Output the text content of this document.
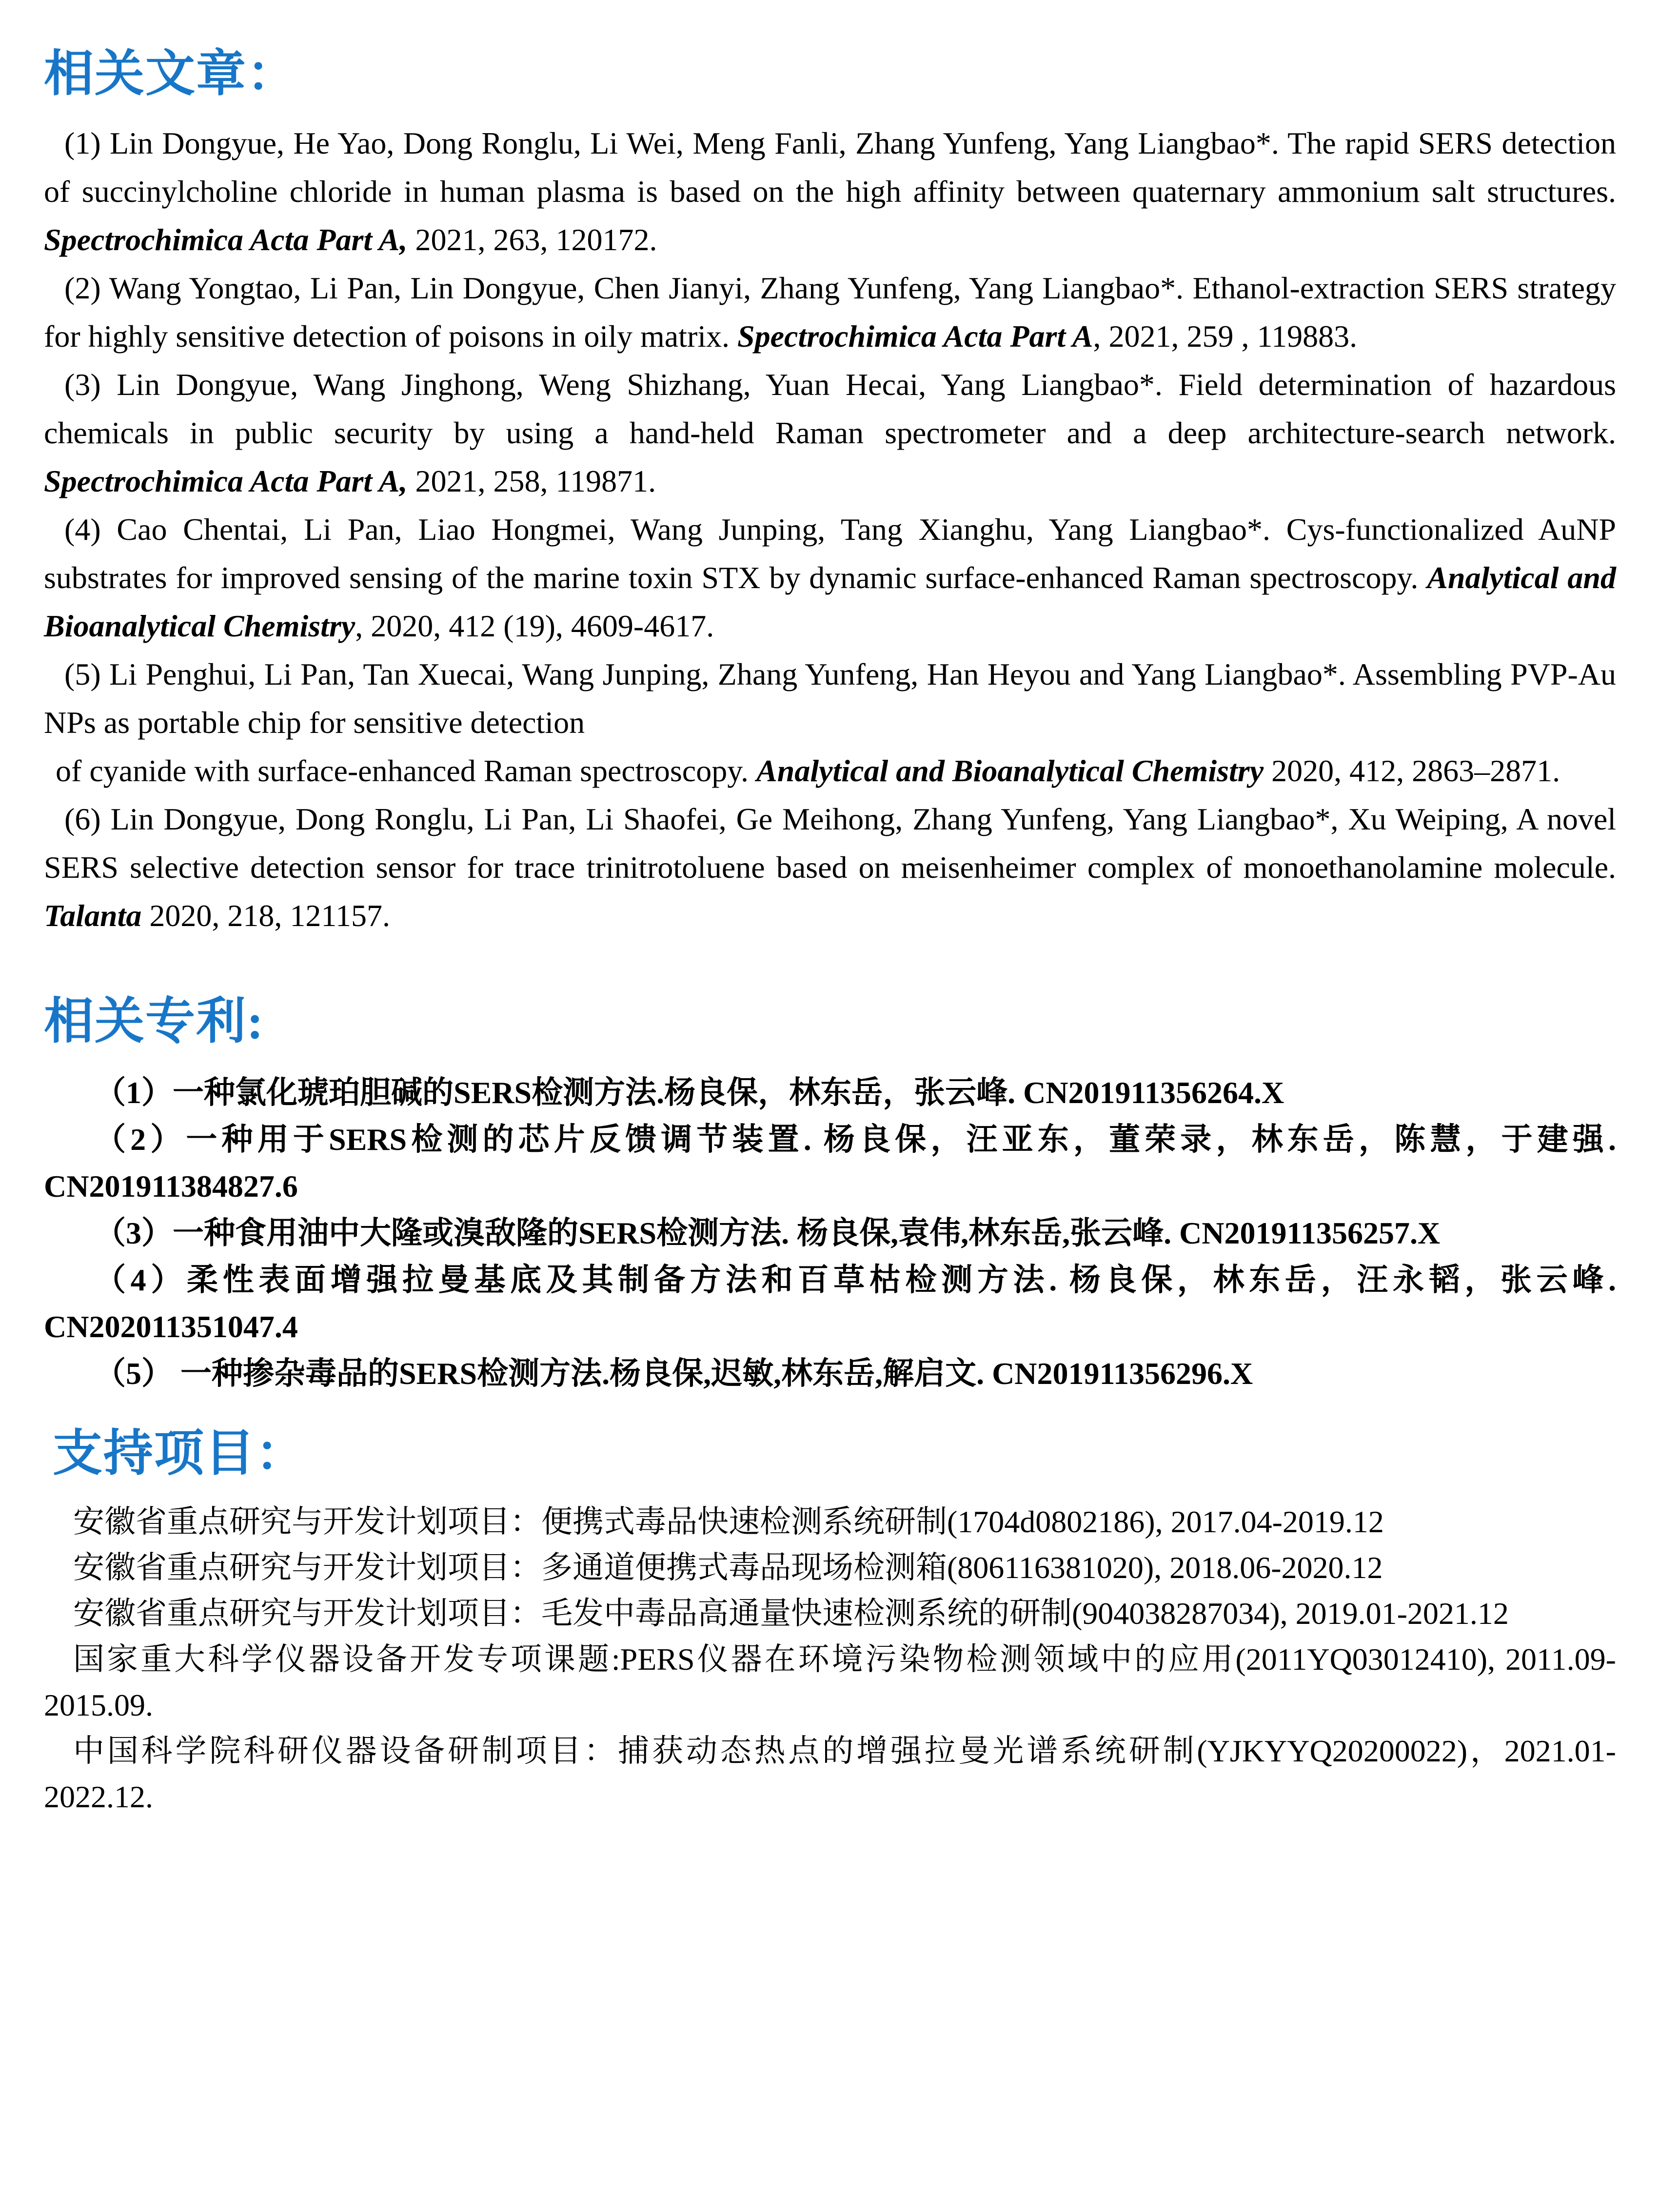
相关文章：

(1) Lin Dongyue, He Yao, Dong Ronglu, Li Wei, Meng Fanli, Zhang Yunfeng, Yang Liangbao*. The rapid SERS detection of succinylcholine chloride in human plasma is based on the high affinity between quaternary ammonium salt structures. Spectrochimica Acta Part A, 2021, 263, 120172.

(2) Wang Yongtao, Li Pan, Lin Dongyue, Chen Jianyi, Zhang Yunfeng, Yang Liangbao*. Ethanol-extraction SERS strategy for highly sensitive detection of poisons in oily matrix. Spectrochimica Acta Part A, 2021, 259 , 119883.

(3) Lin Dongyue, Wang Jinghong, Weng Shizhang, Yuan Hecai, Yang Liangbao*. Field determination of hazardous chemicals in public security by using a hand-held Raman spectrometer and a deep architecture-search network. Spectrochimica Acta Part A, 2021, 258, 119871.

(4) Cao Chentai, Li Pan, Liao Hongmei, Wang Junping, Tang Xianghu, Yang Liangbao*. Cys-functionalized AuNP substrates for improved sensing of the marine toxin STX by dynamic surface-enhanced Raman spectroscopy. Analytical and Bioanalytical Chemistry, 2020, 412 (19), 4609-4617.

(5) Li Penghui, Li Pan, Tan Xuecai, Wang Junping, Zhang Yunfeng, Han Heyou and Yang Liangbao*. Assembling PVP-Au NPs as portable chip for sensitive detection

of cyanide with surface-enhanced Raman spectroscopy. Analytical and Bioanalytical Chemistry 2020, 412, 2863–2871.

(6) Lin Dongyue, Dong Ronglu, Li Pan, Li Shaofei, Ge Meihong, Zhang Yunfeng, Yang Liangbao*, Xu Weiping, A novel SERS selective detection sensor for trace trinitrotoluene based on meisenheimer complex of monoethanolamine molecule. Talanta 2020, 218, 121157.

相关专利:

（1）一种氯化琥珀胆碱的SERS检测方法.杨良保，林东岳，张云峰. CN201911356264.X

（2）一种用于SERS检测的芯片反馈调节装置. 杨良保，汪亚东，董荣录，林东岳，陈慧，于建强. CN201911384827.6

（3）一种食用油中大隆或溴敌隆的SERS检测方法. 杨良保,袁伟,林东岳,张云峰. CN201911356257.X

（4）柔性表面增强拉曼基底及其制备方法和百草枯检测方法. 杨良保，林东岳，汪永韬，张云峰. CN202011351047.4

（5） 一种掺杂毒品的SERS检测方法.杨良保,迟敏,林东岳,解启文. CN201911356296.X

支持项目：

安徽省重点研究与开发计划项目：便携式毒品快速检测系统研制(1704d0802186), 2017.04-2019.12

安徽省重点研究与开发计划项目：多通道便携式毒品现场检测箱(806116381020), 2018.06-2020.12

安徽省重点研究与开发计划项目：毛发中毒品高通量快速检测系统的研制(904038287034), 2019.01-2021.12

国家重大科学仪器设备开发专项课题:PERS仪器在环境污染物检测领域中的应用(2011YQ03012410), 2011.09-2015.09.

中国科学院科研仪器设备研制项目：捕获动态热点的增强拉曼光谱系统研制(YJKYYQ20200022)，2021.01-2022.12.
